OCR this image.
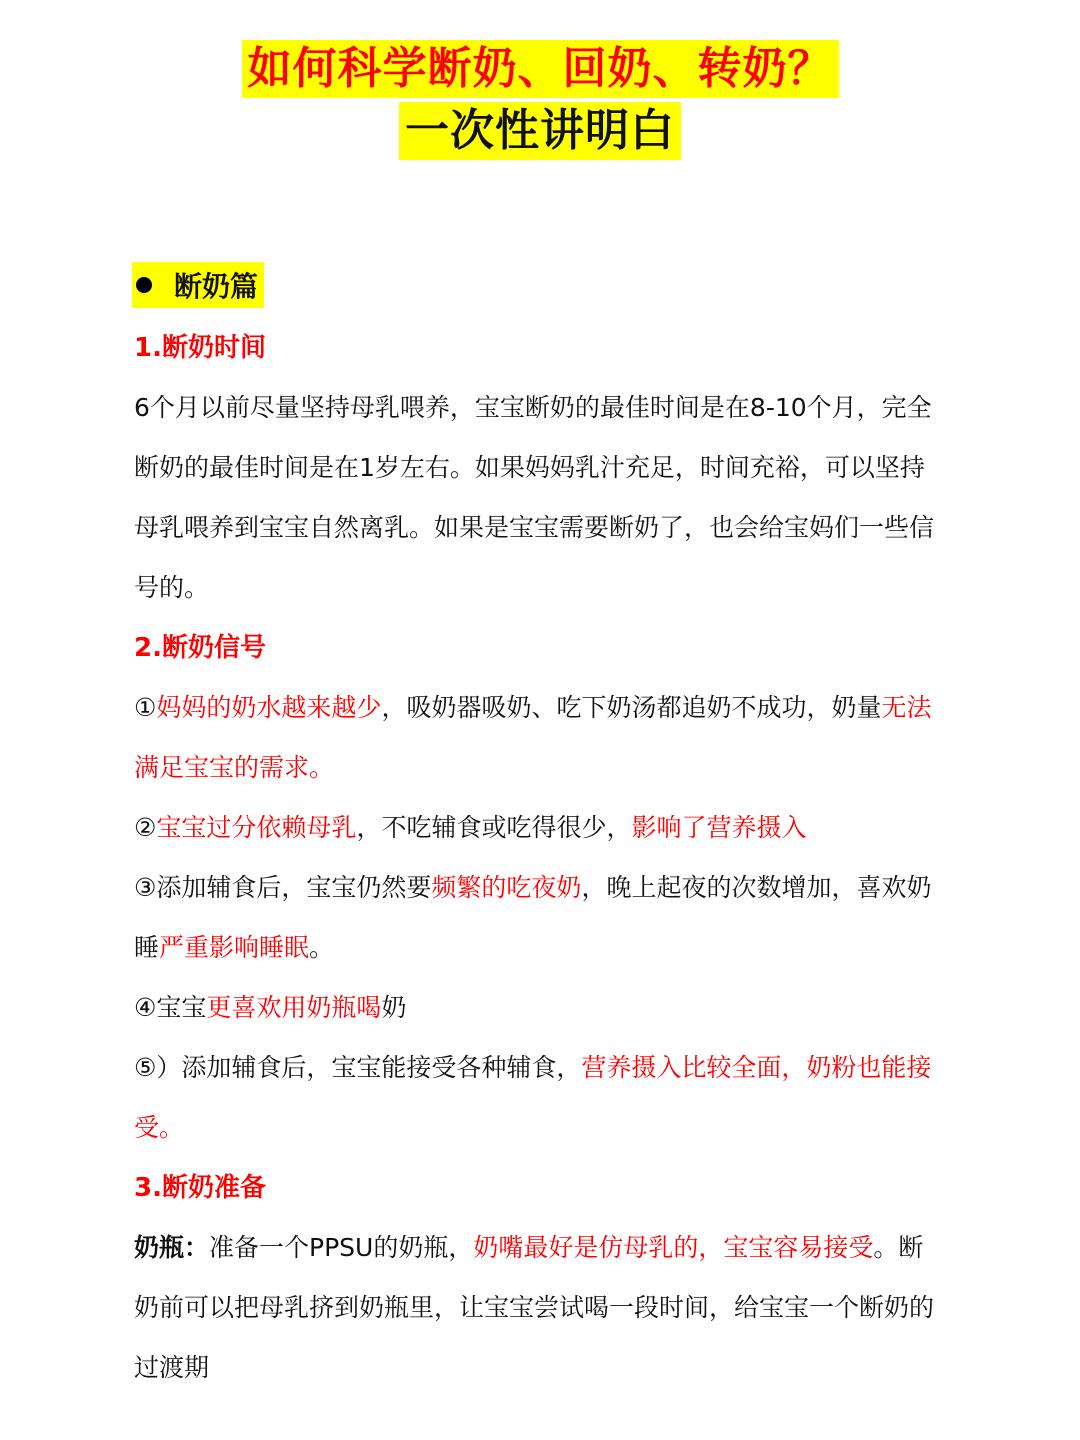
如何科学断奶、回奶、转奶？
一次性讲明白
断奶篇
1.断奶时间
6个月以前尽量坚持母乳喂养，宝宝断奶的最佳时间是在8-10个月，完全断奶的最佳时间是在1岁左右。如果妈妈乳汁充足，时间充裕，可以坚持母乳喂养到宝宝自然离乳。如果是宝宝需要断奶了，也会给宝妈们一些信号的。
2.断奶信号
①妈妈的奶水越来越少，吸奶器吸奶、吃下奶汤都追奶不成功，奶量无法满足宝宝的需求。
②宝宝过分依赖母乳，不吃辅食或吃得很少，影响了营养摄入
③添加辅食后，宝宝仍然要频繁的吃夜奶，晚上起夜的次数增加，喜欢奶睡严重影响睡眠。
④宝宝更喜欢用奶瓶喝奶
⑤）添加辅食后，宝宝能接受各种辅食，营养摄入比较全面，奶粉也能接受。
3.断奶准备
奶瓶：准备一个PPSU的奶瓶，奶嘴最好是仿母乳的，宝宝容易接受。断奶前可以把母乳挤到奶瓶里，让宝宝尝试喝一段时间，给宝宝一个断奶的过渡期
